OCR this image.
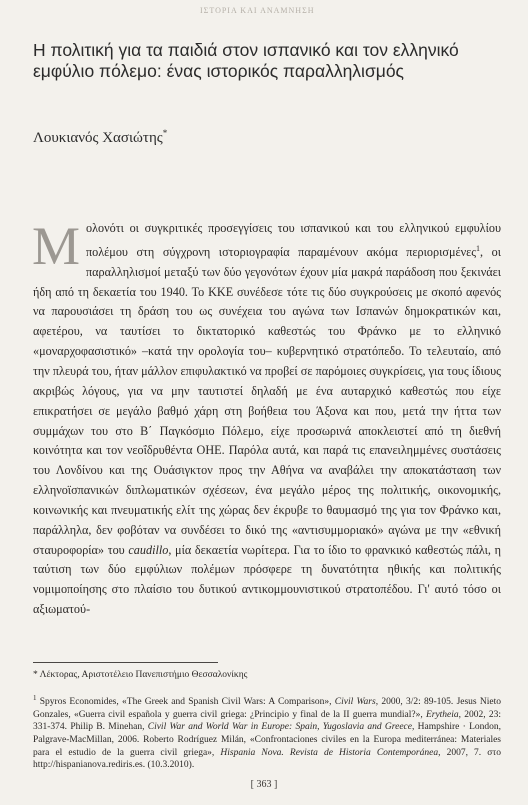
ΙΣΤΟΡΙΑ ΚΑΙ ΑΝΑΜΝΗΣΗ
Η πολιτική για τα παιδιά στον ισπανικό και τον ελληνικό εμφύλιο πόλεμο: ένας ιστορικός παραλληλισμός
Λουκιανός Χασιώτης*

Μολονότι οι συγκριτικές προσεγγίσεις του ισπανικού και του ελληνικού εμφυλίου πολέμου στη σύγχρονη ιστοριογραφία παραμένουν ακόμα περιορισμένες$^1$, οι παραλληλισμοί μεταξύ των δύο γεγονότων έχουν μία μακρά παράδοση που ξεκινάει ήδη από τη δεκαετία του 1940. Το ΚΚΕ συνέδεσε τότε τις δύο συγκρούσεις με σκοπό αφενός να παρουσιάσει τη δράση του ως συνέχεια του αγώνα των Ισπανών δημοκρατικών και, αφετέρου, να ταυτίσει το δικτατορικό καθεστώς του Φράνκο με το ελληνικό «μοναρχοφασιστικό» –κατά την ορολογία του– κυβερνητικό στρατόπεδο. Το τελευταίο, από την πλευρά του, ήταν μάλλον επιφυλακτικό να προβεί σε παρόμοιες συγκρίσεις, για τους ίδιους ακριβώς λόγους, για να μην ταυτιστεί δηλαδή με ένα αυταρχικό καθεστώς που είχε επικρατήσει σε μεγάλο βαθμό χάρη στη βοήθεια του Άξονα και που, μετά την ήττα των συμμάχων του στο Β΄ Παγκόσμιο Πόλεμο, είχε προσωρινά αποκλειστεί από τη διεθνή κοινότητα και τον νεοΐδρυθέντα ΟΗΕ. Παρόλα αυτά, και παρά τις επανειλημμένες συστάσεις του Λονδίνου και της Ουάσιγκτον προς την Αθήνα να αναβάλει την αποκατάσταση των ελληνοϊσπανικών διπλωματικών σχέσεων, ένα μεγάλο μέρος της πολιτικής, οικονομικής, κοινωνικής και πνευματικής ελίτ της χώρας δεν έκρυβε το θαυμασμό της για τον Φράνκο και, παράλληλα, δεν φοβόταν να συνδέσει το δικό της «αντισυμμοριακό» αγώνα με την «εθνική σταυροφορία» του caudillo, μία δεκαετία νωρίτερα. Για το ίδιο το φρανκικό καθεστώς πάλι, η ταύτιση των δύο εμφύλιων πολέμων πρόσφερε τη δυνατότητα ηθικής και πολιτικής νομιμοποίησης στο πλαίσιο του δυτικού αντικομμουνιστικού στρατοπέδου. Γι' αυτό τόσο οι αξιωματού-

* Λέκτορας, Αριστοτέλειο Πανεπιστήμιο Θεσσαλονίκης
$^1$ Spyros Economides, «The Greek and Spanish Civil Wars: A Comparison», Civil Wars, 2000, 3/2: 89-105. Jesus Nieto Gonzales, «Guerra civil española y guerra civil griega: ¿Principio y final de la II guerra mundial?», Erytheia, 2002, 23: 331-374. Philip B. Minehan, Civil War and World War in Europe: Spain, Yugoslavia and Greece, Hampshire · London, Palgrave-MacMillan, 2006. Roberto Rodríguez Milán, «Confrontaciones civiles en la Europa mediterránea: Materiales para el estudio de la guerra civil griega», Hispania Nova. Revista de Historia Contemporánea, 2007, 7. στο http://hispanianova.rediris.es. (10.3.2010).
[ 363 ]
